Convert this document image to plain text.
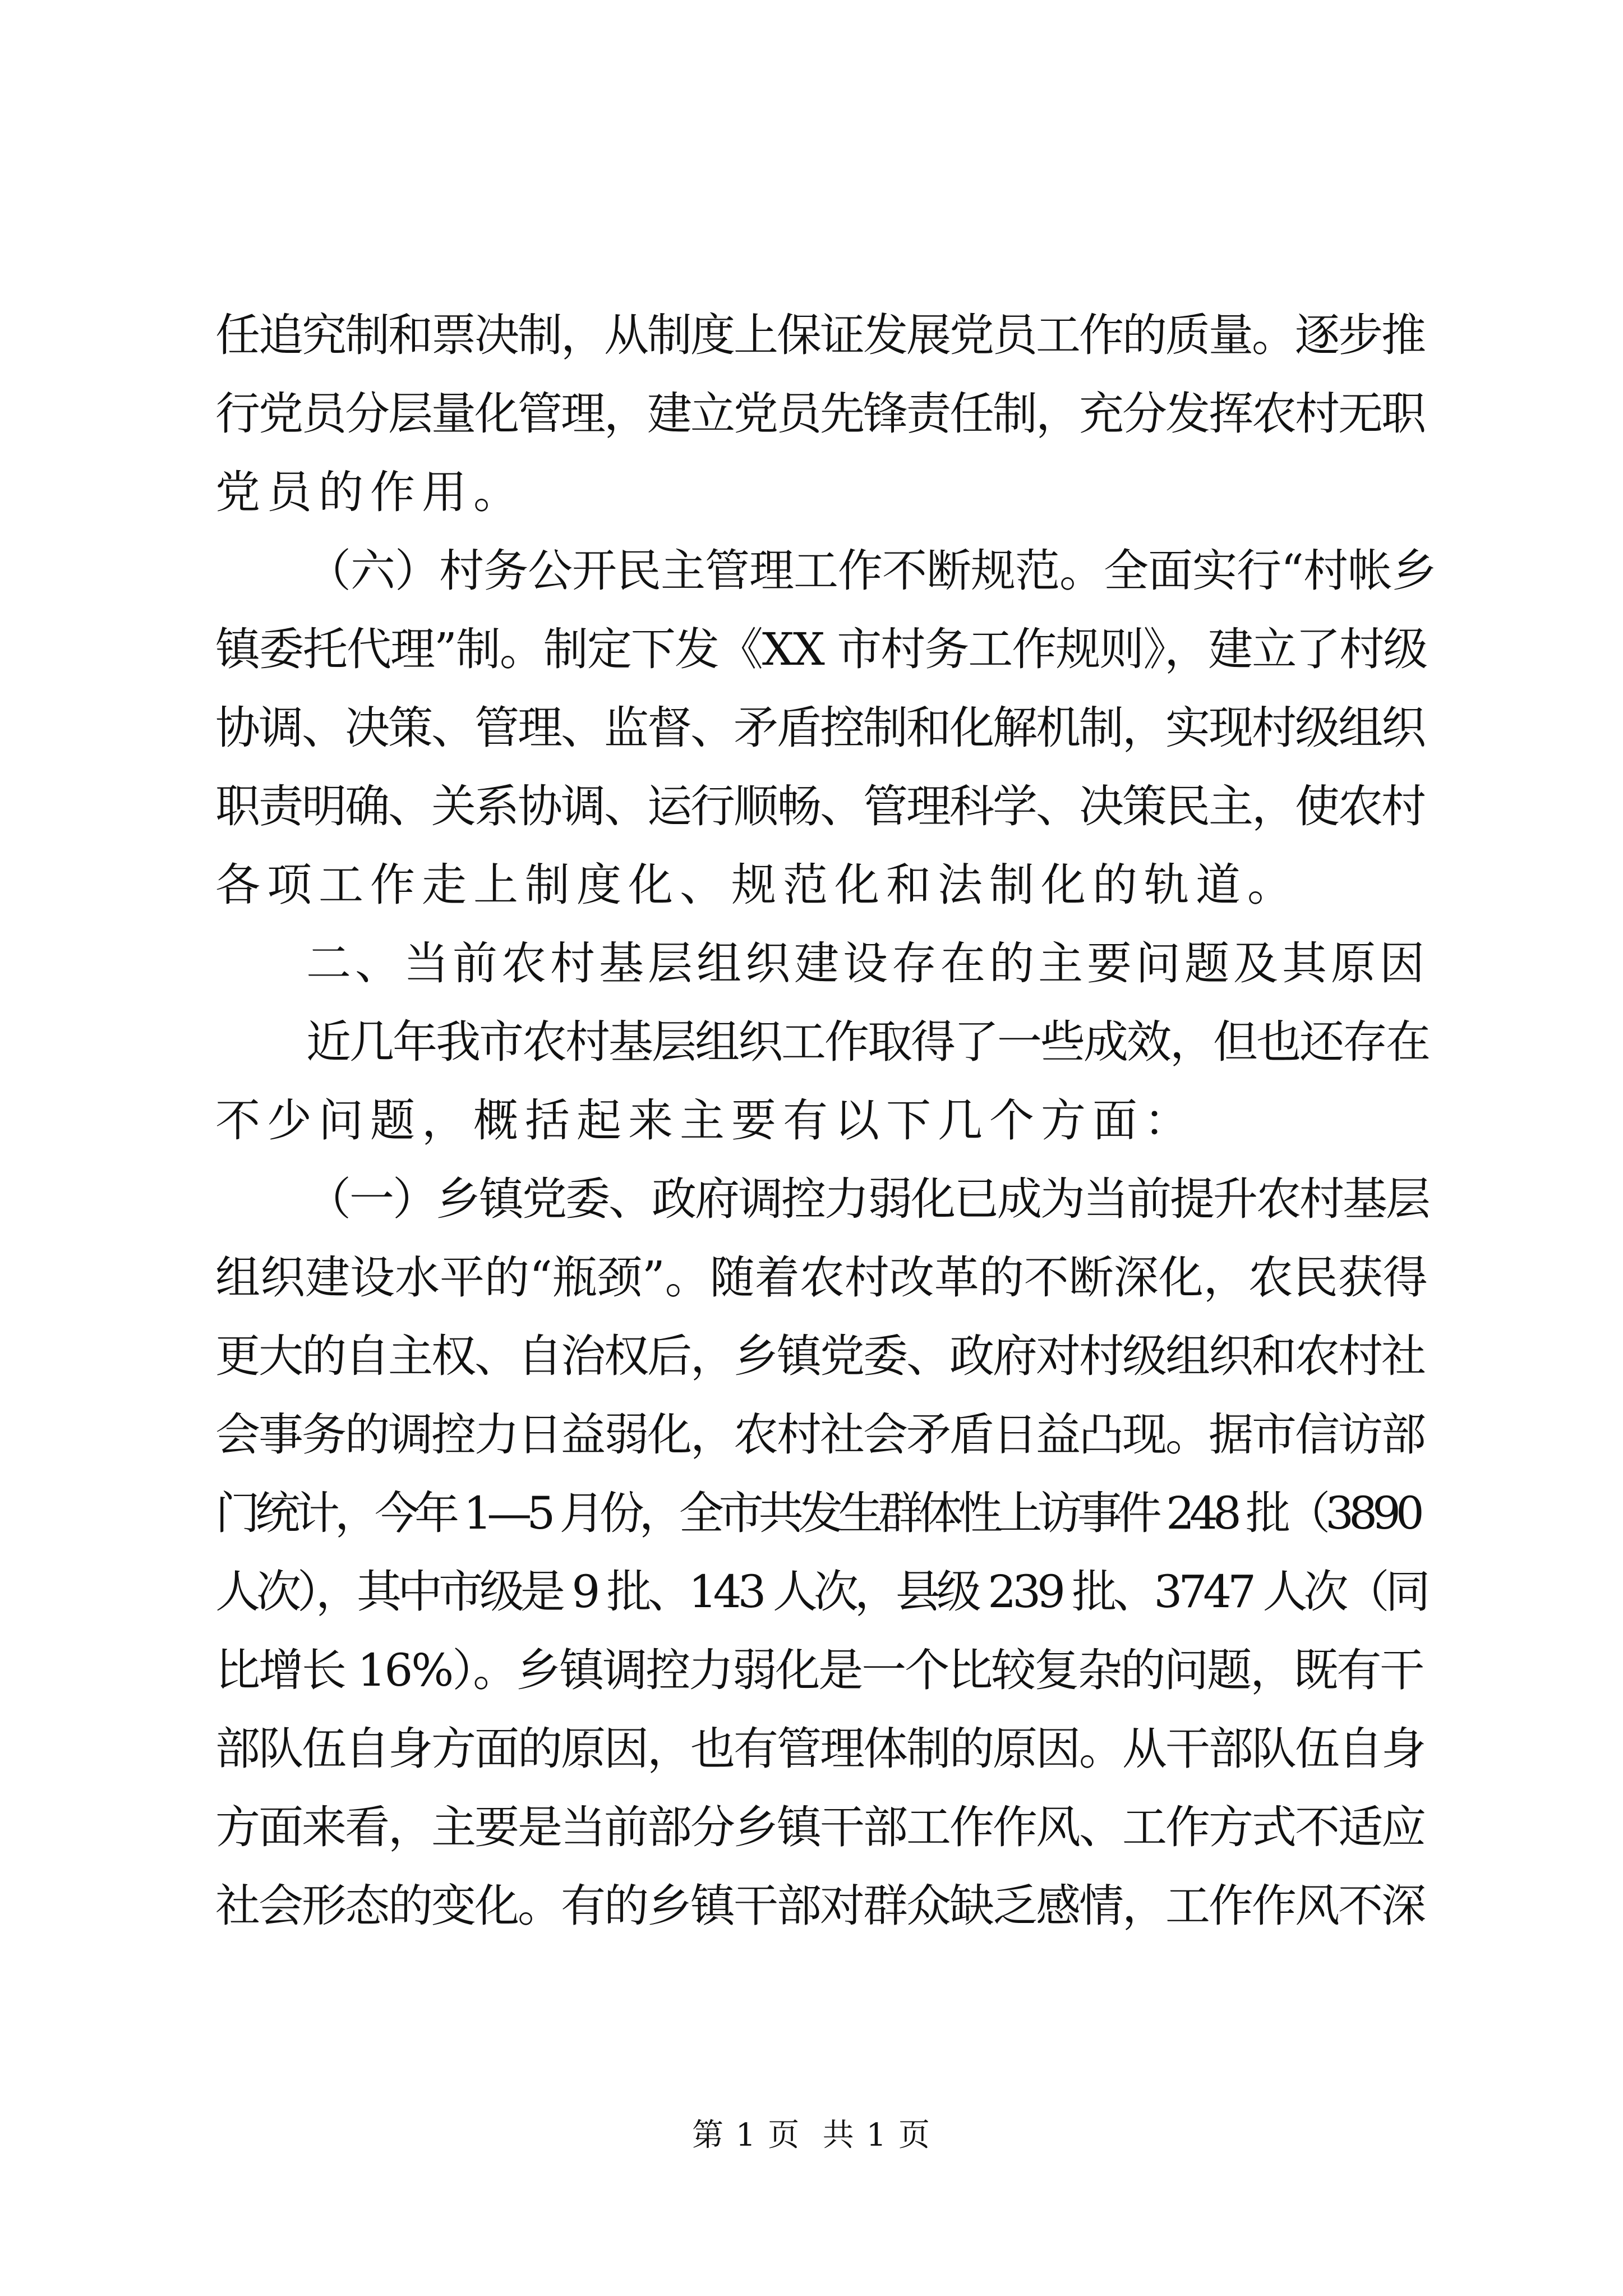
任追究制和票决制，从制度上保证发展党员工作的质量。逐步推
行党员分层量化管理，建立党员先锋责任制，充分发挥农村无职
党员的作用。
（六）村务公开民主管理工作不断规范。全面实行“村帐乡
镇委托代理”制。制定下发《XX 市村务工作规则》，建立了村级
协调、决策、管理、监督、矛盾控制和化解机制，实现村级组织
职责明确、关系协调、运行顺畅、管理科学、决策民主，使农村
各项工作走上制度化、规范化和法制化的轨道。
二、当前农村基层组织建设存在的主要问题及其原因
近几年我市农村基层组织工作取得了一些成效，但也还存在
不少问题，概括起来主要有以下几个方面：
（一）乡镇党委、政府调控力弱化已成为当前提升农村基层
组织建设水平的“瓶颈”。随着农村改革的不断深化，农民获得
更大的自主权、自治权后，乡镇党委、政府对村级组织和农村社
会事务的调控力日益弱化，农村社会矛盾日益凸现。据市信访部
门统计，今年 1—5 月份，全市共发生群体性上访事件 248 批（3890
人次），其中市级是 9 批、143 人次，县级 239 批、3747 人次（同
比增长 16%）。乡镇调控力弱化是一个比较复杂的问题，既有干
部队伍自身方面的原因，也有管理体制的原因。从干部队伍自身
方面来看，主要是当前部分乡镇干部工作作风、工作方式不适应
社会形态的变化。有的乡镇干部对群众缺乏感情，工作作风不深
第 1 页  共 1 页
